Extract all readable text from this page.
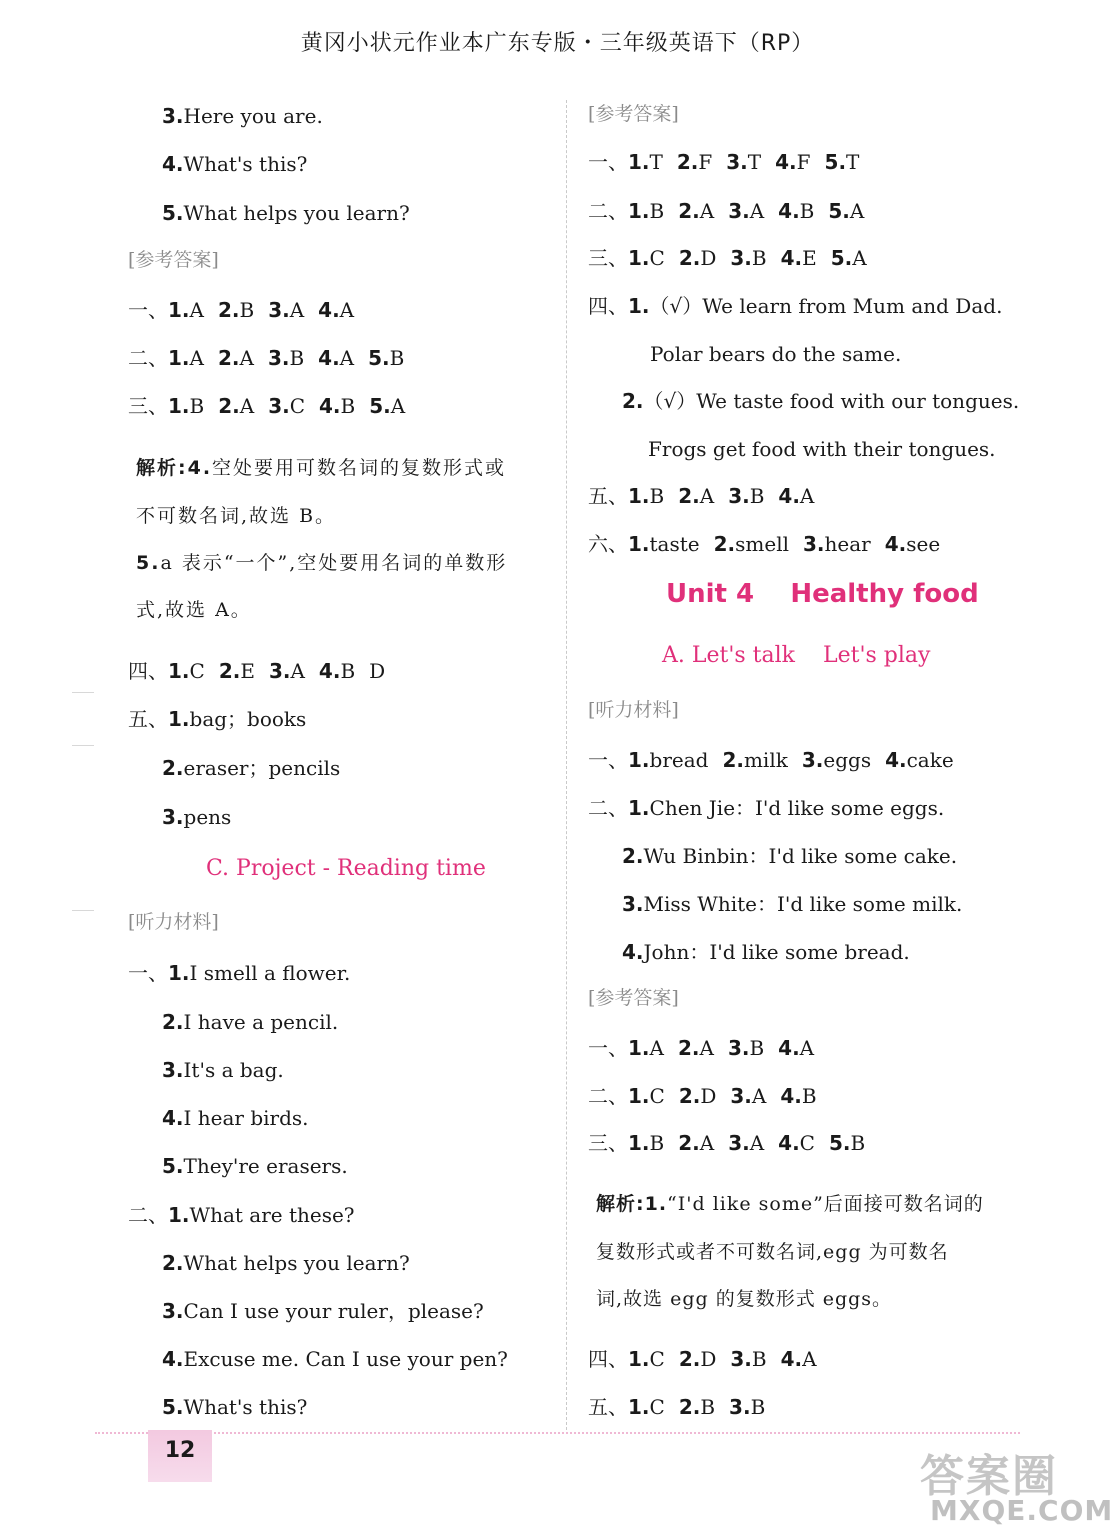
黄冈小状元作业本广东专版・三年级英语下（RP）
3.Here you are.
4.What's this?
5.What helps you learn?
[参考答案]
一、1.A 2.B 3.A 4.A
二、1.A 2.A 3.B 4.A 5.B
三、1.B 2.A 3.C 4.B 5.A
解析:4.空处要用可数名词的复数形式或
不可数名词,故选 B。
5.a 表示“一个”,空处要用名词的单数形
式,故选 A。
四、1.C 2.E 3.A 4.B D
五、1.bag；books
2.eraser；pencils
3.pens
C. Project - Reading time
[听力材料]
一、1.I smell a flower.
2.I have a pencil.
3.It's a bag.
4.I hear birds.
5.They're erasers.
二、1.What are these?
2.What helps you learn?
3.Can I use your ruler，please?
4.Excuse me. Can I use your pen?
5.What's this?
[参考答案]
一、1.T 2.F 3.T 4.F 5.T
二、1.B 2.A 3.A 4.B 5.A
三、1.C 2.D 3.B 4.E 5.A
四、1.（√）We learn from Mum and Dad.
Polar bears do the same.
2.（√）We taste food with our tongues.
Frogs get food with their tongues.
五、1.B 2.A 3.B 4.A
六、1.taste 2.smell 3.hear 4.see
Unit 4    Healthy food
A. Let's talk    Let's play
[听力材料]
一、1.bread 2.milk 3.eggs 4.cake
二、1.Chen Jie：I'd like some eggs.
2.Wu Binbin：I'd like some cake.
3.Miss White：I'd like some milk.
4.John：I'd like some bread.
[参考答案]
一、1.A 2.A 3.B 4.A
二、1.C 2.D 3.A 4.B
三、1.B 2.A 3.A 4.C 5.B
解析:1.“I'd like some”后面接可数名词的
复数形式或者不可数名词,egg 为可数名
词,故选 egg 的复数形式 eggs。
四、1.C 2.D 3.B 4.A
五、1.C 2.B 3.B
12
答案圈
MXQE.COM
